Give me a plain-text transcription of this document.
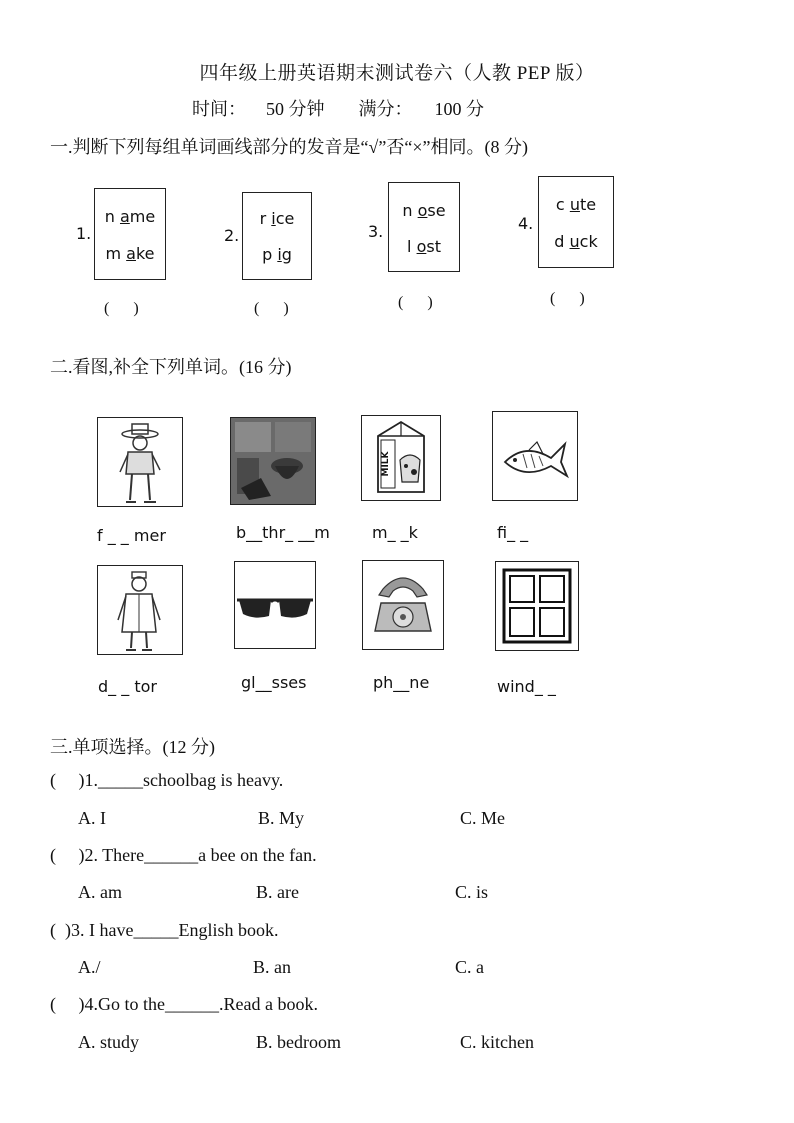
四年级上册英语期末测试卷六（人教 PEP 版）
时间： 50 分钟 满分： 100 分
一.判断下列每组单词画线部分的发音是“√”否“×”相同。(8 分)
1.
n ame
m ake
(      )
2.
r ice
p ig
(      )
3.
n ose
l ost
(      )
4.
c ute
d uck
(      )
二.看图,补全下列单词。(16 分)
MILK
f _ _ mer	b__thr_ __m	m_ _k	fi_ _
d_ _ tor	gl__sses	ph__ne	wind_ _
三.单项选择。(12 分)
(     )1._____schoolbag is heavy.
A. I	B. My	C. Me
(     )2. There______a bee on the fan.
A. am	B. are	C. is
(  )3. I have_____English book.
A./	B. an	C. a
(     )4.Go to the______.Read a book.
A. study	B. bedroom	C. kitchen
